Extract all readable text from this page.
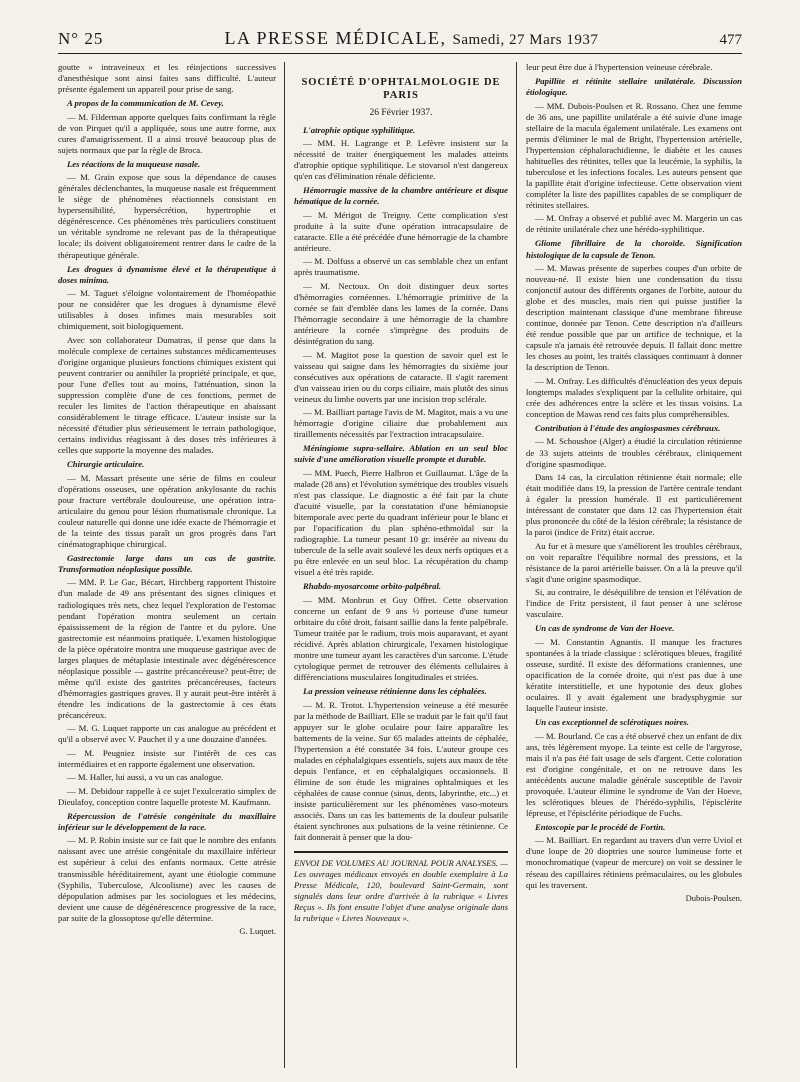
N° 25	LA PRESSE MÉDICALE, Samedi, 27 Mars 1937	477

goutte » intraveineux et les réinjections successives d'anesthésique sont ainsi faites sans difficulté. L'auteur présente également un appareil pour prise de sang.

A propos de la communication de M. Cevey.

— M. Filderman apporte quelques faits confirmant la règle de von Pirquet qu'il a appliquée, sous une autre forme, aux cures d'amaigrissement. Il a ainsi trouvé beaucoup plus de sujets normaux que par la règle de Broca.

Les réactions de la muqueuse nasale.

— M. Grain expose que sous la dépendance de causes générales déclenchantes, la muqueuse nasale est fréquemment le siège de phénomènes réactionnels consistant en hypersensibilité, hypersécrétion, hypertrophie et dégénérescence. Ces phénomènes très particuliers constituent un véritable syndrome ne relevant pas de la thérapeutique locale; ils doivent obligatoirement rentrer dans le cadre de la thérapeutique générale.

Les drogues à dynamisme élevé et la thérapeutique à doses minima.

— M. Taguet s'éloigne volontairement de l'homéopathie pour ne considérer que les drogues à dynamisme élevé utilisables à doses infimes mais mesurables soit chimiquement, soit biologiquement.

Avec son collaborateur Dumatras, il pense que dans la molécule complexe de certaines substances médicamenteuses d'origine organique plusieurs fonctions chimiques existent qui peuvent contrarier ou annihiler la propriété principale, et que, pour l'une d'elles tout au moins, l'atténuation, sinon la suppression complète d'une de ces fonctions, permet de reculer les limites de l'action thérapeutique en abaissant considérablement le titrage efficace. L'auteur insiste sur la nécessité d'étudier plus sérieusement le terrain pathologique, certains individus réagissant à des doses très inférieures à celles que supporte la moyenne des malades.

Chirurgie articulaire.

— M. Massart présente une série de films en couleur d'opérations osseuses, une opération ankylosante du rachis pour fracture vertébrale douloureuse, une opération intra-articulaire du genou pour lésion rhumatismale chronique. La couleur naturelle qui donne une idée exacte de l'hémorragie et de la teinte des tissus paraît un gros progrès dans l'art cinématographique chirurgical.

Gastrectomie large dans un cas de gastrite. Transformation néoplasique possible.

— MM. P. Le Gac, Bécart, Hirchberg rapportent l'histoire d'un malade de 49 ans présentant des signes cliniques et radiologiques très nets, chez lequel l'exploration de l'estomac pendant l'opération montra seulement un certain épaississement de la région de l'antre et du pylore. Une gastrectomie est néanmoins pratiquée. L'examen histologique de la pièce opératoire montra une muqueuse gastrique avec de larges plaques de métaplasie intestinale avec dégénérescence néoplasique possible — gastrite précancéreuse? peut-être; de même qu'il existe des gastrites précancéreuses, facteurs d'hémorragies gastriques graves. Il y aurait peut-être intérêt à étendre les indications de la gastrectomie à ces états précancéreux.

— M. G. Luquet rapporte un cas analogue au précédent et qu'il a observé avec V. Pauchet il y a une douzaine d'années.

— M. Peugniez insiste sur l'intérêt de ces cas intermédiaires et en rapporte également une observation.

— M. Haller, lui aussi, a vu un cas analogue.

— M. Debidour rappelle à ce sujet l'exulceratio simplex de Dieulafoy, conception contre laquelle proteste M. Kaufmann.

Répercussion de l'atrésie congénitale du maxillaire inférieur sur le développement de la race.

— M. P. Robin insiste sur ce fait que le nombre des enfants naissant avec une atrésie congénitale du maxillaire inférieur est supérieur à celui des enfants normaux. Cette atrésie transmissible héréditairement, ayant une étiologie commune (Syphilis, Tuberculose, Alcoolisme) avec les causes de dépopulation admises par les sociologues et les médecins, devient une cause de dégénérescence progressive de la race, par suite de la glossoptose qu'elle détermine.

G. Luquet.

SOCIÉTÉ D'OPHTALMOLOGIE DE PARIS

26 Février 1937.

L'atrophie optique syphilitique.

— MM. H. Lagrange et P. Lefèvre insistent sur la nécessité de traiter énergiquement les malades atteints d'atrophie optique syphilitique. Le stovarsol n'est dangereux qu'en cas d'élimination rénale déficiente.

Hémorragie massive de la chambre antérieure et disque hématique de la cornée.

— M. Mérigot de Treigny. Cette complication s'est produite à la suite d'une opération intracapsulaire de cataracte. Elle a été précédée d'une hémorragie de la chambre antérieure.

— M. Dolfuss a observé un cas semblable chez un enfant après traumatisme.

— M. Nectoux. On doit distinguer deux sortes d'hémorragies cornéennes. L'hémorragie primitive de la cornée se fait d'emblée dans les lames de la cornée. Dans l'hémorragie secondaire à une hémorragie de la chambre antérieure la cornée s'imprègne des produits de désintégration du sang.

— M. Magitot pose la question de savoir quel est le vaisseau qui saigne dans les hémorragies du sixième jour consécutives aux opérations de cataracte. Il s'agit rarement d'un vaisseau irien ou du corps ciliaire, mais plutôt des sinus veineux du limbe ouverts par une incision trop sclérale.

— M. Bailliart partage l'avis de M. Magitot, mais a vu une hémorragie d'origine ciliaire due probablement aux tiraillements nécessités par l'extraction intracapsulaire.

Méningiome supra-sellaire. Ablation en un seul bloc suivie d'une amélioration visuelle prompte et durable.

— MM. Puech, Pierre Halbron et Guillaumat. L'âge de la malade (28 ans) et l'évolution symétrique des troubles visuels n'est pas classique. Le diagnostic a été fait par la chute d'acuité visuelle, par la constatation d'une hémianopsie bitemporale avec perte du quadrant inférieur pour le blanc et par l'opacification du plan sphéno-ethmoïdal sur la radiographie. La tumeur pesant 10 gr. insérée au niveau du tubercule de la selle avait soulevé les deux nerfs optiques et a pu être enlevée en un seul bloc. La récupération du champ visuel a été très rapide.

Rhabdo-myosarcome orbito-palpébral.

— MM. Monbrun et Guy Offret. Cette observation concerne un enfant de 9 ans ½ porteuse d'une tumeur orbitaire du côté droit, faisant saillie dans la fente palpébrale. Tumeur traitée par le radium, trois mois auparavant, et ayant récidivé. Après ablation chirurgicale, l'examen histologique montre une tumeur ayant les caractères d'un sarcome. L'étude cytologique permet de retrouver des éléments cellulaires à différenciations musculaires longitudinales et striées.

La pression veineuse rétinienne dans les céphalées.

— M. R. Trotot. L'hypertension veineuse a été mesurée par la méthode de Bailliart. Elle se traduit par le fait qu'il faut appuyer sur le globe oculaire pour faire apparaître les battements de la veine. Sur 65 malades atteints de céphalée, l'hypertension a été constatée 34 fois. L'auteur groupe ces malades en céphalalgiques essentiels, sujets aux maux de tête depuis l'enfance, et en céphalalgiques occasionnels. Il élimine de son étude les migraines ophtalmiques et les céphalées de cause connue (sinus, dents, labyrinthe, etc...) et insiste particulièrement sur les phénomènes vaso-moteurs associés. Dans un cas les battements de la douleur pulsatile étaient synchrones aux pulsations de la veine rétinienne. Ce fait donnerait à penser que la dou-

ENVOI DE VOLUMES AU JOURNAL POUR ANALYSES. — Les ouvrages médicaux envoyés en double exemplaire à La Presse Médicale, 120, boulevard Saint-Germain, sont signalés dans leur ordre d'arrivée à la rubrique « Livres Reçus ». Ils font ensuite l'objet d'une analyse originale dans la rubrique « Livres Nouveaux ».

leur peut être due à l'hypertension veineuse cérébrale.

Papillite et rétinite stellaire unilatérale. Discussion étiologique.

— MM. Dubois-Poulsen et R. Rossano. Chez une femme de 36 ans, une papillite unilatérale a été suivie d'une image stellaire de la macula également unilatérale. Les examens ont permis d'éliminer le mal de Bright, l'hypertension artérielle, l'hypertension céphalorachidienne, le diabète et les causes habituelles des rétinites, telles que la leucémie, la syphilis, la tuberculose et les infections focales. Les auteurs pensent que la papillite était d'origine infectieuse. Cette observation vient compléter la liste des papillites capables de se compliquer de rétinites stellaires.

— M. Onfray a observé et publié avec M. Margerin un cas de rétinite unilatérale chez une hérédo-syphilitique.

Gliome fibrillaire de la choroïde. Signification histologique de la capsule de Tenon.

— M. Mawas présente de superbes coupes d'un orbite de nouveau-né. Il existe bien une condensation du tissu conjonctif autour des différents organes de l'orbite, autour du globe et des muscles, mais rien qui puisse justifier la description maintenant classique d'une membrane fibreuse continue, donnée par Tenon. Cette description n'a d'ailleurs été rendue possible que par un artifice de technique, et la capsule n'a jamais été retrouvée depuis. Il fallait donc mettre les choses au point, les traités classiques continuant à donner la description de Tenon.

— M. Onfray. Les difficultés d'énucléation des yeux depuis longtemps malades s'expliquent par la cellulite orbitaire, qui crée des adhérences entre la sclère et les tissus voisins. La conception de Mawas rend ces faits plus compréhensibles.

Contribution à l'étude des angiospasmes cérébraux.

— M. Schoushoe (Alger) a étudié la circulation rétinienne de 33 sujets atteints de troubles cérébraux, cliniquement d'origine spasmodique.

Dans 14 cas, la circulation rétinienne était normale; elle était modifiée dans 19, la pression de l'artère centrale tendant à égaler la pression humérale. Il est particulièrement intéressant de constater que dans 12 cas l'hypertension était plus prononcée du côté de la lésion cérébrale; la résistance de la paroi (indice de Fritz) était accrue.

Au fur et à mesure que s'améliorent les troubles cérébraux, on voit reparaître l'équilibre normal des pressions, et la résistance de la paroi artérielle baisser. On a là la preuve qu'il s'agit d'une origine spasmodique.

Si, au contraire, le déséquilibre de tension et l'élévation de l'indice de Fritz persistent, il faut penser à une sclérose vasculaire.

Un cas de syndrome de Van der Hoeve.

— M. Constantin Agnantis. Il manque les fractures spontanées à la triade classique : sclérotiques bleues, fragilité osseuse, surdité. Il existe des déformations craniennes, une opacification de la cornée droite, qui n'est pas due à une kératite interstitielle, et une hypotonie des deux globes oculaires. Il y avait également une bradysphygmie sur laquelle l'auteur insiste.

Un cas exceptionnel de sclérotiques noires.

— M. Bourland. Ce cas a été observé chez un enfant de dix ans, très légèrement myope. La teinte est celle de l'argyrose, mais il n'a pas été fait usage de sels d'argent. Cette coloration est d'origine congénitale, et on ne retrouve dans les antécédents aucune maladie générale susceptible de l'avoir provoquée. L'auteur élimine le syndrome de Van der Hoeve, les sclérotiques bleues de l'hérédo-syphilis, l'épisclérite lépreuse, et l'épisclérite périodique de Fuchs.

Entoscopie par le procédé de Fortin.

— M. Bailliart. En regardant au travers d'un verre Uviol et d'une loupe de 20 dioptries une source lumineuse forte et monochromatique (vapeur de mercure) on voit se dessiner le réseau des capillaires rétiniens prémaculaires, ou les globules qui les traversent.

Dubois-Poulsen.
